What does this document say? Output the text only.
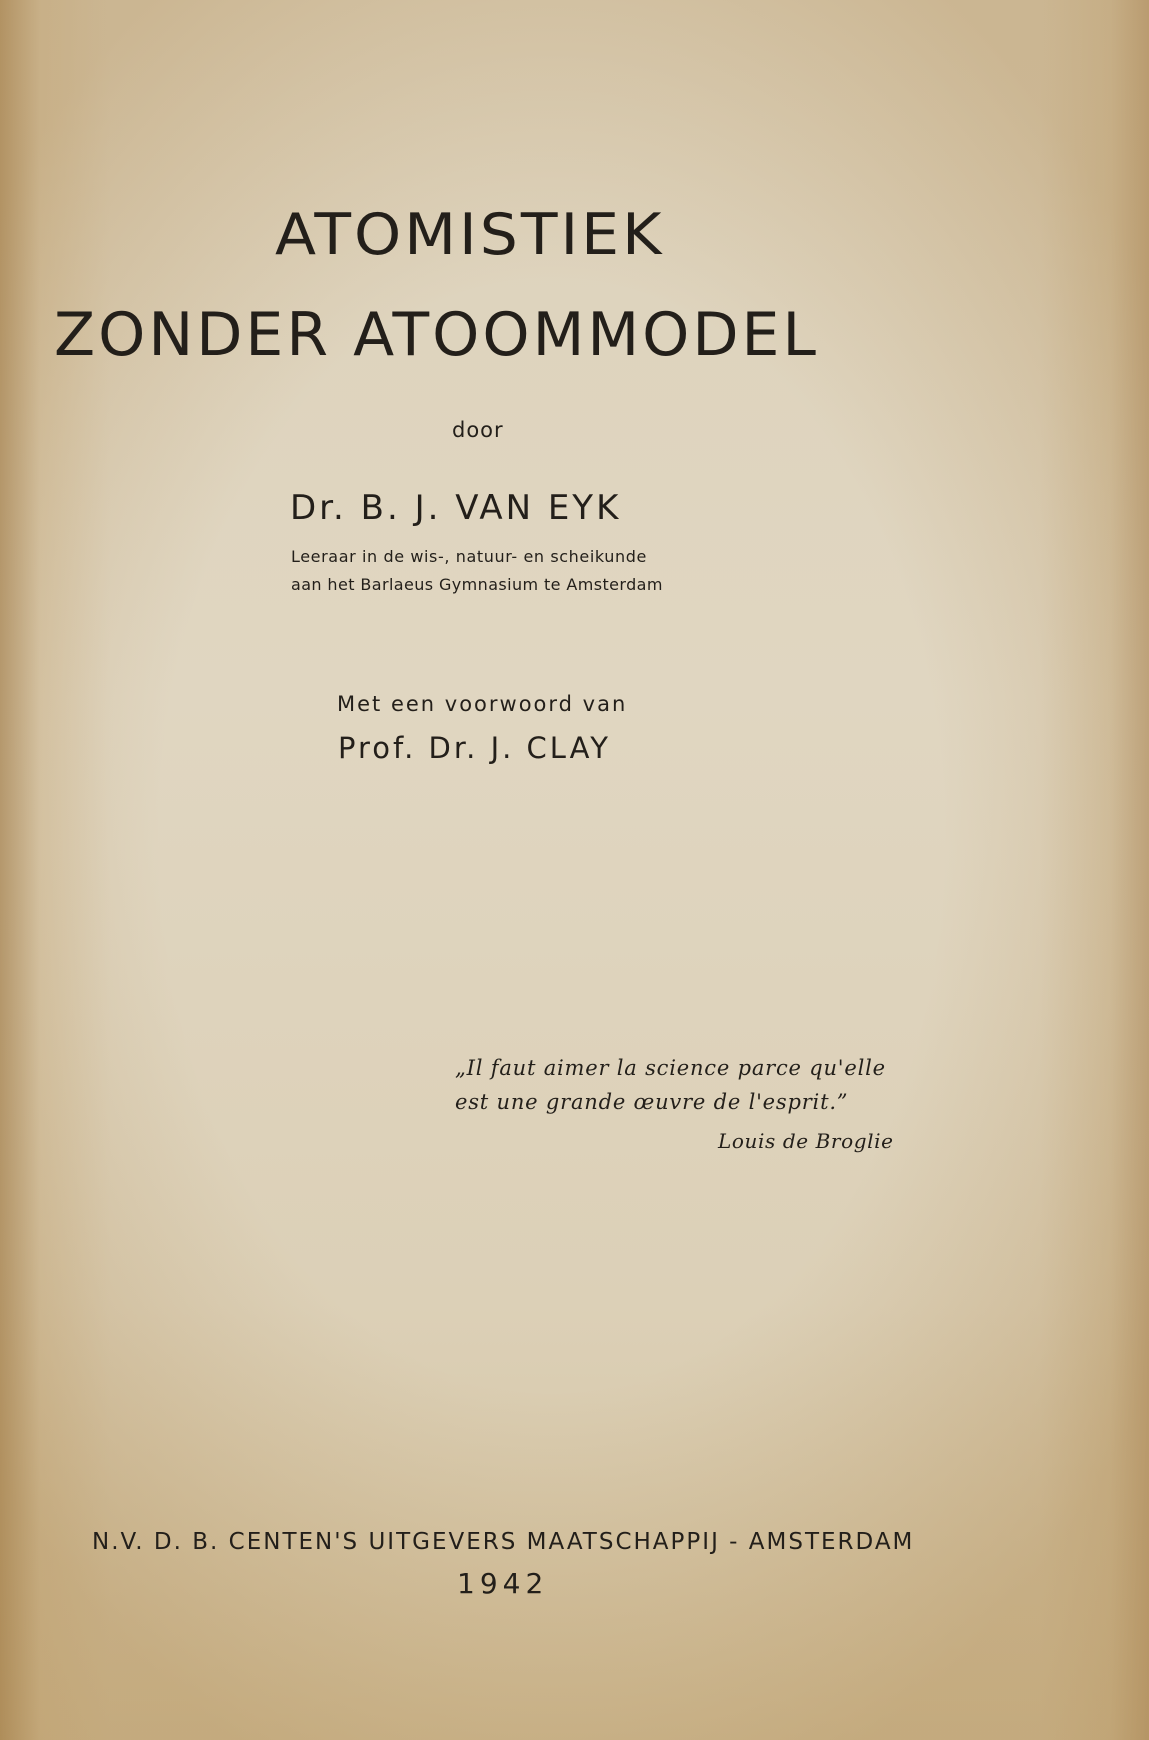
ATOMISTIEK
ZONDER ATOOMMODEL

door

Dr. B. J. VAN EYK

Leeraar in de wis-, natuur- en scheikunde

aan het Barlaeus Gymnasium te Amsterdam

Met een voorwoord van

Prof. Dr. J. CLAY

„Il faut aimer la science parce qu'elle

est une grande œuvre de l'esprit.”

Louis de Broglie

N.V. D. B. CENTEN'S UITGEVERS MAATSCHAPPIJ - AMSTERDAM

1942
